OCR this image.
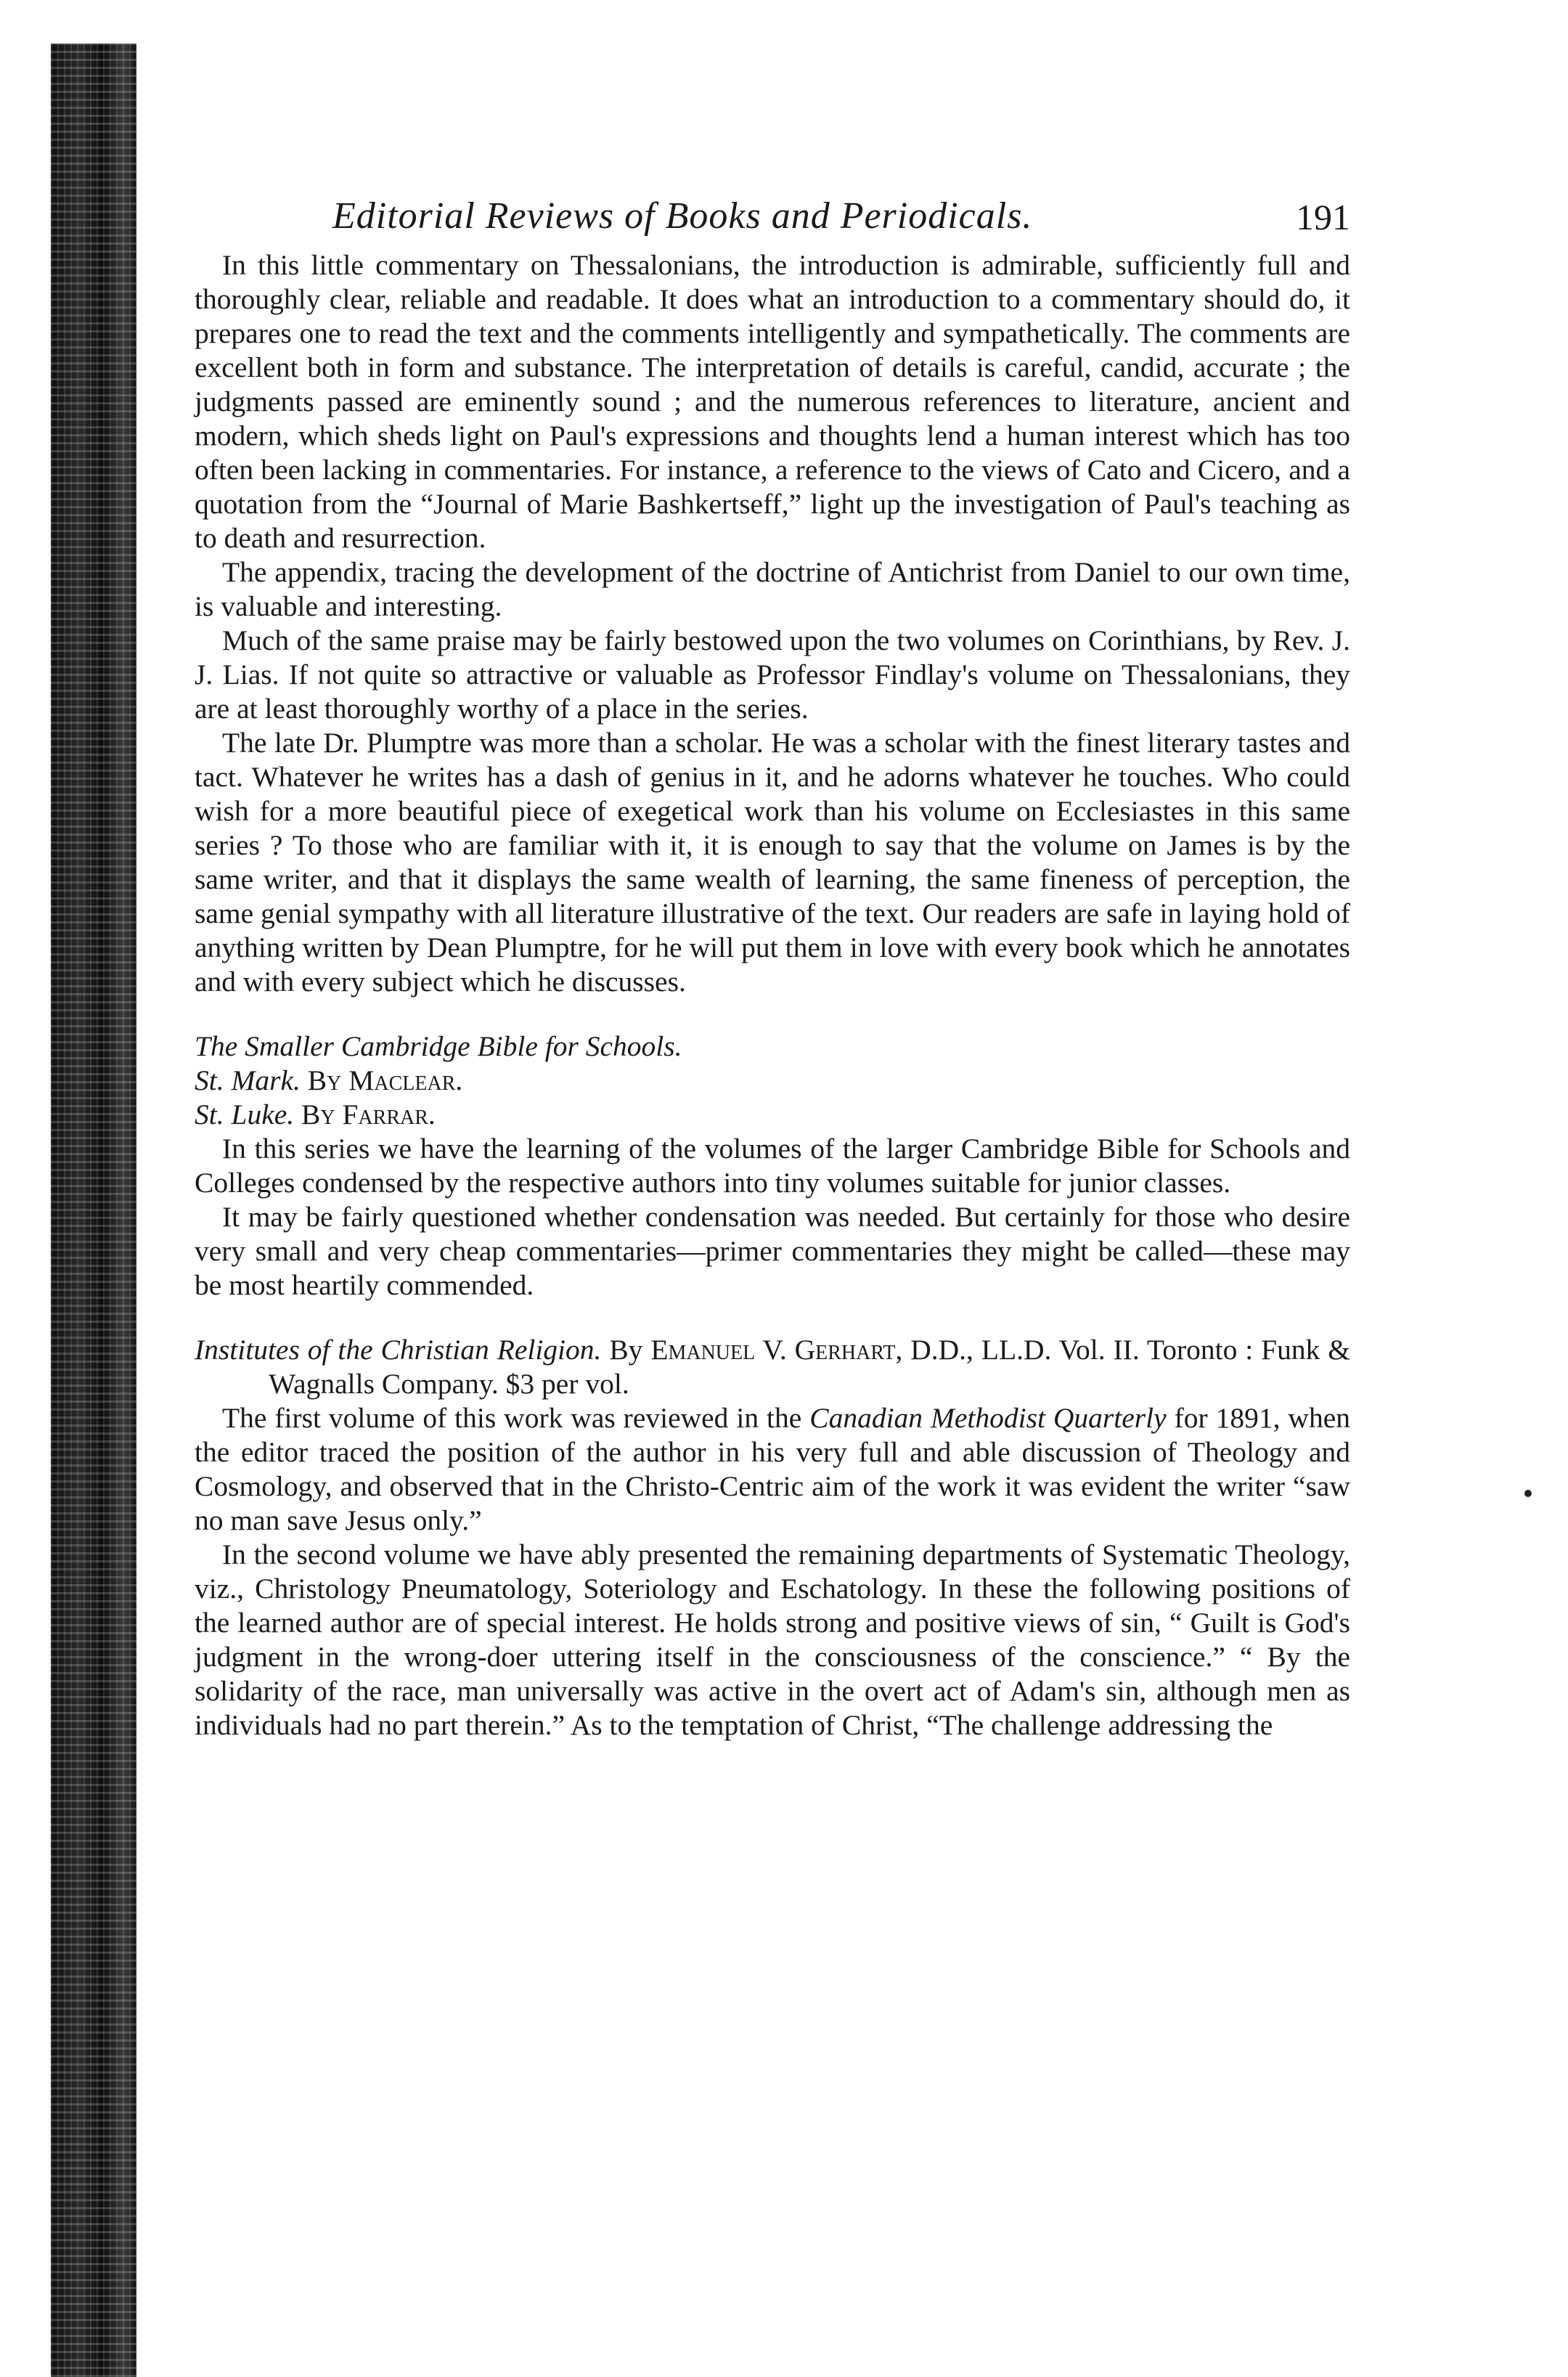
Editorial Reviews of Books and Periodicals.	191

In this little commentary on Thessalonians, the introduction is admirable, sufficiently full and thoroughly clear, reliable and readable. It does what an introduction to a commentary should do, it prepares one to read the text and the comments intelligently and sympathetically. The comments are excellent both in form and substance. The interpretation of details is careful, candid, accurate ; the judgments passed are eminently sound ; and the numerous references to literature, ancient and modern, which sheds light on Paul's expressions and thoughts lend a human interest which has too often been lacking in commentaries. For instance, a reference to the views of Cato and Cicero, and a quotation from the “Journal of Marie Bashkertseff,” light up the investigation of Paul's teaching as to death and resurrection.

The appendix, tracing the development of the doctrine of Antichrist from Daniel to our own time, is valuable and interesting.

Much of the same praise may be fairly bestowed upon the two volumes on Corinthians, by Rev. J. J. Lias. If not quite so attractive or valuable as Professor Findlay's volume on Thessalonians, they are at least thoroughly worthy of a place in the series.

The late Dr. Plumptre was more than a scholar. He was a scholar with the finest literary tastes and tact. Whatever he writes has a dash of genius in it, and he adorns whatever he touches. Who could wish for a more beautiful piece of exegetical work than his volume on Ecclesiastes in this same series ? To those who are familiar with it, it is enough to say that the volume on James is by the same writer, and that it displays the same wealth of learning, the same fineness of perception, the same genial sympathy with all literature illustrative of the text. Our readers are safe in laying hold of anything written by Dean Plumptre, for he will put them in love with every book which he annotates and with every subject which he discusses.

The Smaller Cambridge Bible for Schools.

St. Mark. By Maclear.

St. Luke. By Farrar.

In this series we have the learning of the volumes of the larger Cambridge Bible for Schools and Colleges condensed by the respective authors into tiny volumes suitable for junior classes.

It may be fairly questioned whether condensation was needed. But certainly for those who desire very small and very cheap commentaries—primer commentaries they might be called—these may be most heartily commended.

Institutes of the Christian Religion. By Emanuel V. Gerhart, D.D., LL.D. Vol. II. Toronto : Funk & Wagnalls Company. $3 per vol.

The first volume of this work was reviewed in the Canadian Methodist Quarterly for 1891, when the editor traced the position of the author in his very full and able discussion of Theology and Cosmology, and observed that in the Christo-Centric aim of the work it was evident the writer “saw no man save Jesus only.”

In the second volume we have ably presented the remaining departments of Systematic Theology, viz., Christology Pneumatology, Soteriology and Eschatology. In these the following positions of the learned author are of special interest. He holds strong and positive views of sin, “ Guilt is God's judgment in the wrong-doer uttering itself in the consciousness of the conscience.” “ By the solidarity of the race, man universally was active in the overt act of Adam's sin, although men as individuals had no part therein.” As to the temptation of Christ, “The challenge addressing the
